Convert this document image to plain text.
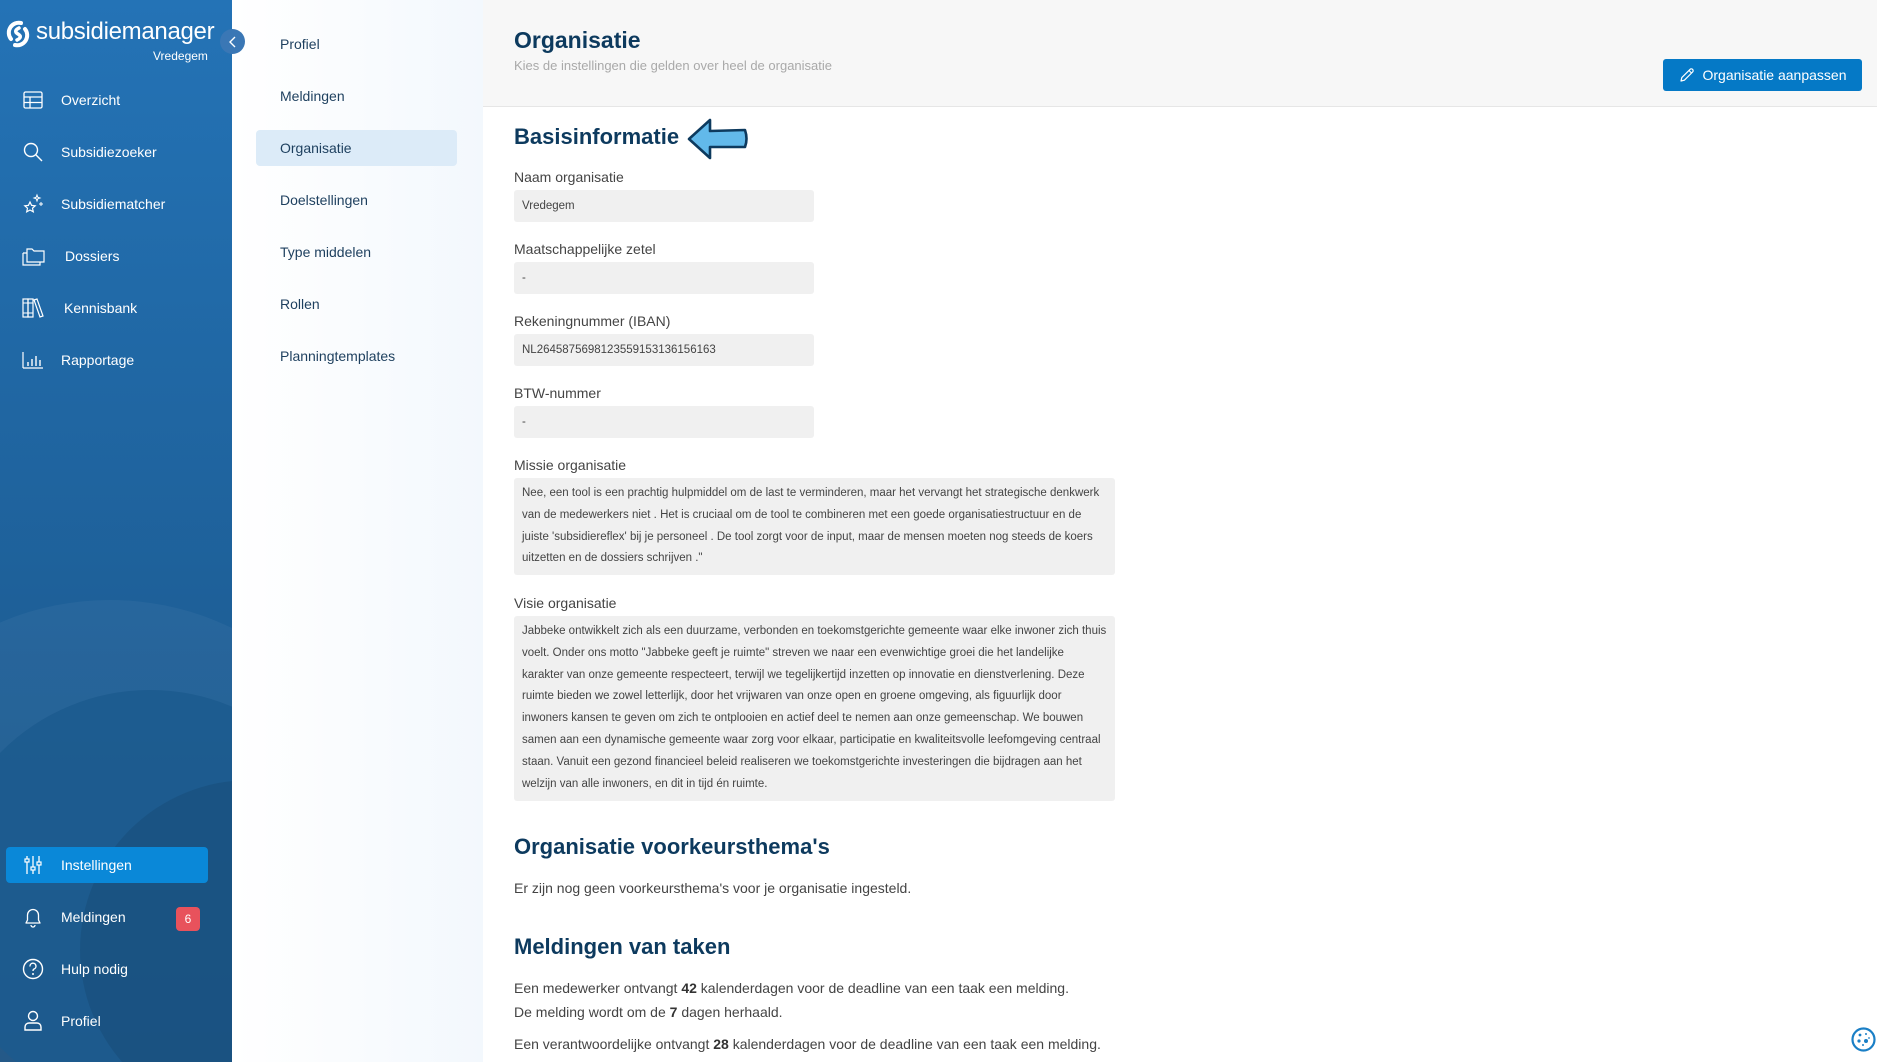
subsidiemanager
Vredegem
Overzicht
Subsidiezoeker
Subsidiematcher
Dossiers
Kennisbank
Rapportage
Instellingen
Meldingen	6
Hulp nodig
Profiel
Profiel
Meldingen
Organisatie
Doelstellingen
Type middelen
Rollen
Planningtemplates
Organisatie
Kies de instellingen die gelden over heel de organisatie
Organisatie aanpassen
Basisinformatie
Naam organisatie
Vredegem
Maatschappelijke zetel
-
Rekeningnummer (IBAN)
NL2645875698123559153136156163
BTW-nummer
-
Missie organisatie
Nee, een tool is een prachtig hulpmiddel om de last te verminderen, maar het vervangt het strategische denkwerk van de medewerkers niet . Het is cruciaal om de tool te combineren met een goede organisatiestructuur en de juiste 'subsidiereflex' bij je personeel . De tool zorgt voor de input, maar de mensen moeten nog steeds de koers uitzetten en de dossiers schrijven ."
Visie organisatie
Jabbeke ontwikkelt zich als een duurzame, verbonden en toekomstgerichte gemeente waar elke inwoner zich thuis voelt. Onder ons motto "Jabbeke geeft je ruimte" streven we naar een evenwichtige groei die het landelijke karakter van onze gemeente respecteert, terwijl we tegelijkertijd inzetten op innovatie en dienstverlening. Deze ruimte bieden we zowel letterlijk, door het vrijwaren van onze open en groene omgeving, als figuurlijk door inwoners kansen te geven om zich te ontplooien en actief deel te nemen aan onze gemeenschap. We bouwen samen aan een dynamische gemeente waar zorg voor elkaar, participatie en kwaliteitsvolle leefomgeving centraal staan. Vanuit een gezond financieel beleid realiseren we toekomstgerichte investeringen die bijdragen aan het welzijn van alle inwoners, en dit in tijd én ruimte.
Organisatie voorkeursthema's
Er zijn nog geen voorkeursthema's voor je organisatie ingesteld.
Meldingen van taken
Een medewerker ontvangt 42 kalenderdagen voor de deadline van een taak een melding.
De melding wordt om de 7 dagen herhaald.
Een verantwoordelijke ontvangt 28 kalenderdagen voor de deadline van een taak een melding.
